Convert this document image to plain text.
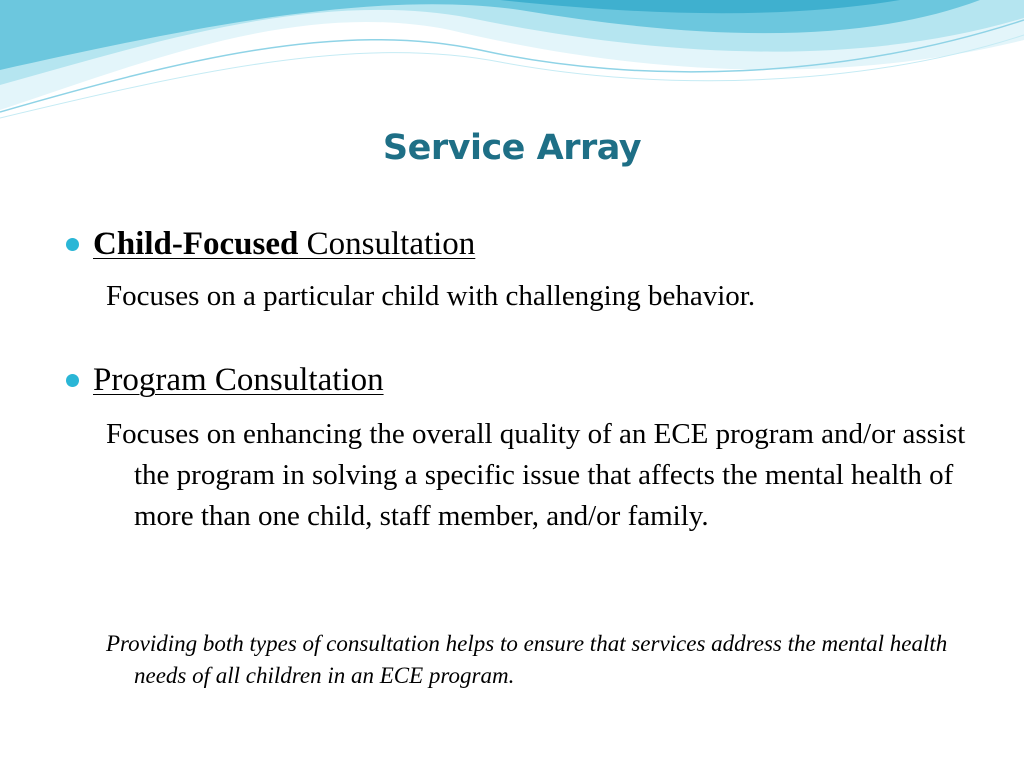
Service Array
Child-Focused Consultation
Focuses on a particular child with challenging behavior.
Program Consultation
Focuses on enhancing the overall quality of an ECE program and/or assist the program in solving a specific issue that affects the mental health of more than one child, staff member, and/or family.
Providing both types of consultation helps to ensure that services address the mental health needs of all children in an ECE program.
